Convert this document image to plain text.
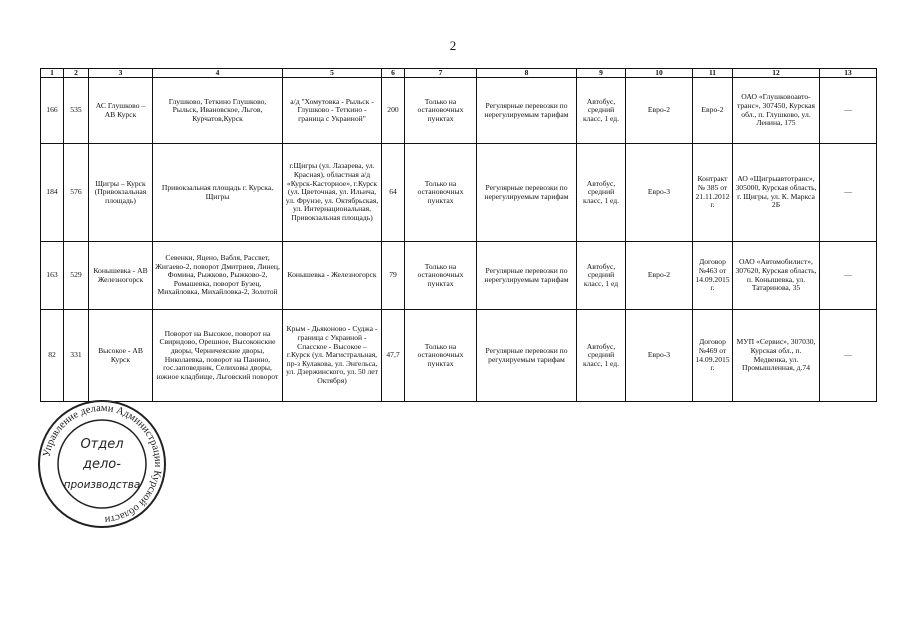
2
1	2	3	4	5	6	7	8	9	10	11	12	13
166	535	АС Глушково – АВ Курск	Глушково, Теткино Глушково, Рыльск, Ивановское, Льгов, Курчатов,Курск	а/д "Хомутовка - Рыльск - Глушково - Теткино - граница с Украиной"	200	Только на остановочных пунктах	Регулярные перевозки по нерегулируемым тарифам	Автобус, средний класс, 1 ед.	Евро-2	Евро-2	ОАО «Глушковоавто-транс», 307450, Курская обл., п. Глушково, ул. Ленина, 175	—
184	576	Щигры – Курск (Привокзальная площадь)	Привокзальная площадь г. Курска, Щигры	г.Щигры (ул. Лазарева, ул. Красная), областная а/д «Курск-Касторное», г.Курск (ул. Цветочная, ул. Ильича, ул. Фрунзе, ул. Октябрьская, ул. Интернациональная, Привокзальная площадь)	64	Только на остановочных пунктах	Регулярные перевозки по нерегулируемым тарифам	Автобус, средний класс, 1 ед.	Евро-3	Контракт № 385 от 21.11.2012 г.	АО «Щигрыавтотранс», 305000, Курская область, г. Щигры, ул. К. Маркса 2Б	—
163	529	Конышевка - АВ Железногорск	Севенки, Яцено, Вабля, Рассвет, Жигаево-2, поворот Дмитриев, Линец, Фомина, Рыжково, Рыжково-2, Ромашевка, поворот Бузец, Михайловка, Михайловка-2, Золотой	Конышевка - Железногорск	79	Только на остановочных пунктах	Регулярные перевозки по нерегулируемым тарифам	Автобус, средний класс, 1 ед	Евро-2	Договор №463 от 14.09.2015 г.	ОАО «Автомобилист», 307620, Курская область, п. Конышевка, ул. Татаринова, 35	—
82	331	Высокое - АВ Курск	Поворот на Высокое, поворот на Свиридово, Орешное, Высоконские дворы, Черничеяские дворы, Николаевка, поворот на Панино, гос.заповедник, Селиховы дворы, южное кладбище, Льговский поворот	Крым - Дьяконово - Суджа - граница с Украиной - Спасское - Высокое – г.Курск (ул. Магистральная, пр-з Кулакова, ул. Энгельса, ул. Дзержинского, ул. 50 лет Октября)	47,7	Только на остановочных пунктах	Регулярные перевозки по регулируемым тарифам	Автобус, средний класс, 1 ед.	Евро-3	Договор №469 от 14.09.2015 г.	МУП «Сервис», 307030, Курская обл., п. Медвенка, ул. Промышленная, д.74	—
Управление делами Администрации Курской области
Отдел
дело-
производства
